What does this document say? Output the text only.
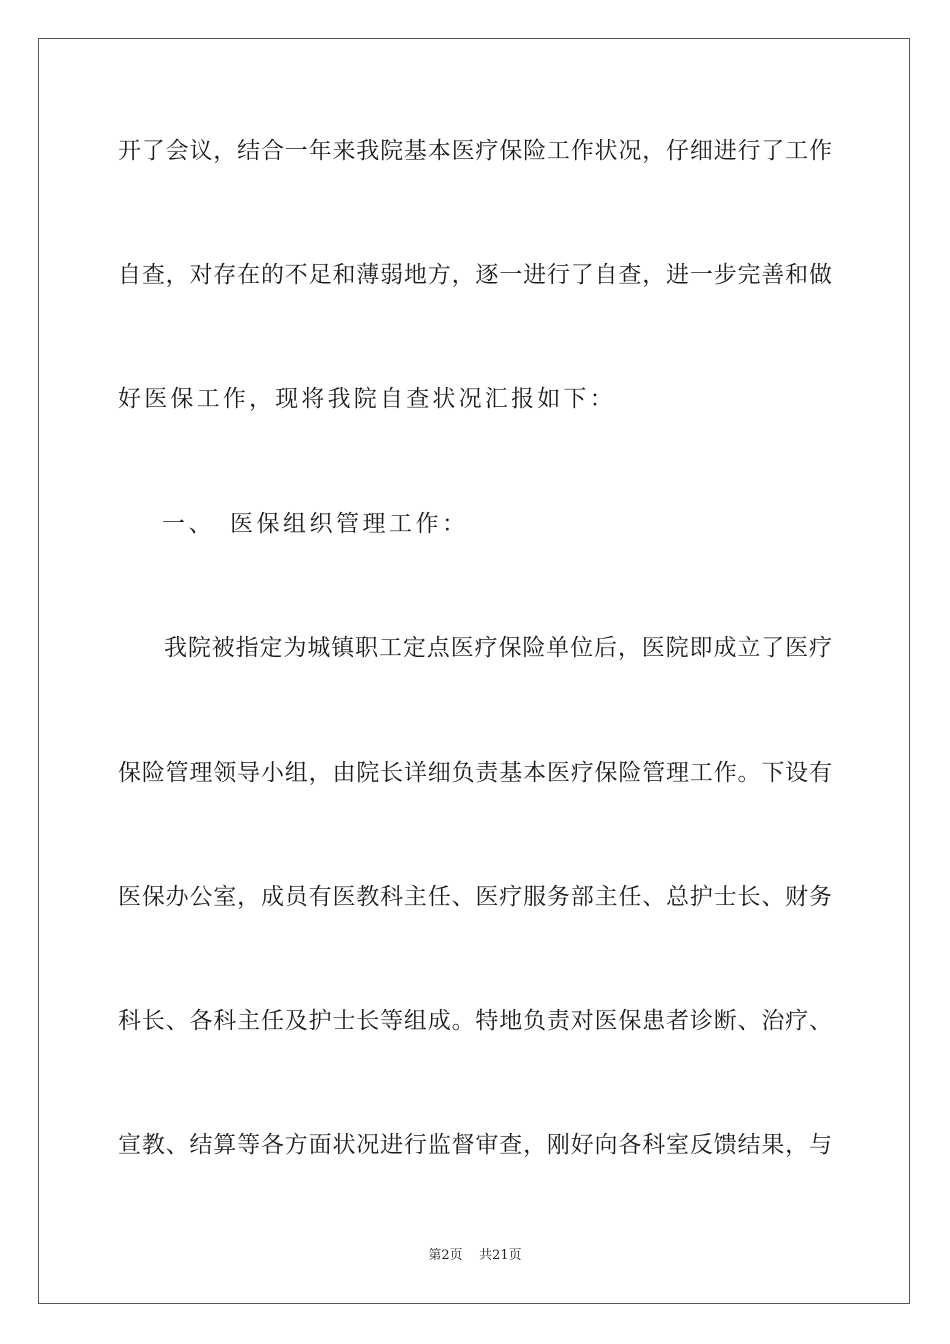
开了会议，结合一年来我院基本医疗保险工作状况，仔细进行了工作
自查，对存在的不足和薄弱地方，逐一进行了自查，进一步完善和做
好医保工作，现将我院自查状况汇报如下：
一、　医保组织管理工作：
我院被指定为城镇职工定点医疗保险单位后，医院即成立了医疗
保险管理领导小组，由院长详细负责基本医疗保险管理工作。下设有
医保办公室，成员有医教科主任、医疗服务部主任、总护士长、财务
科长、各科主任及护士长等组成。特地负责对医保患者诊断、治疗、
宣教、结算等各方面状况进行监督审查，刚好向各科室反馈结果，与
第2页 共21页
